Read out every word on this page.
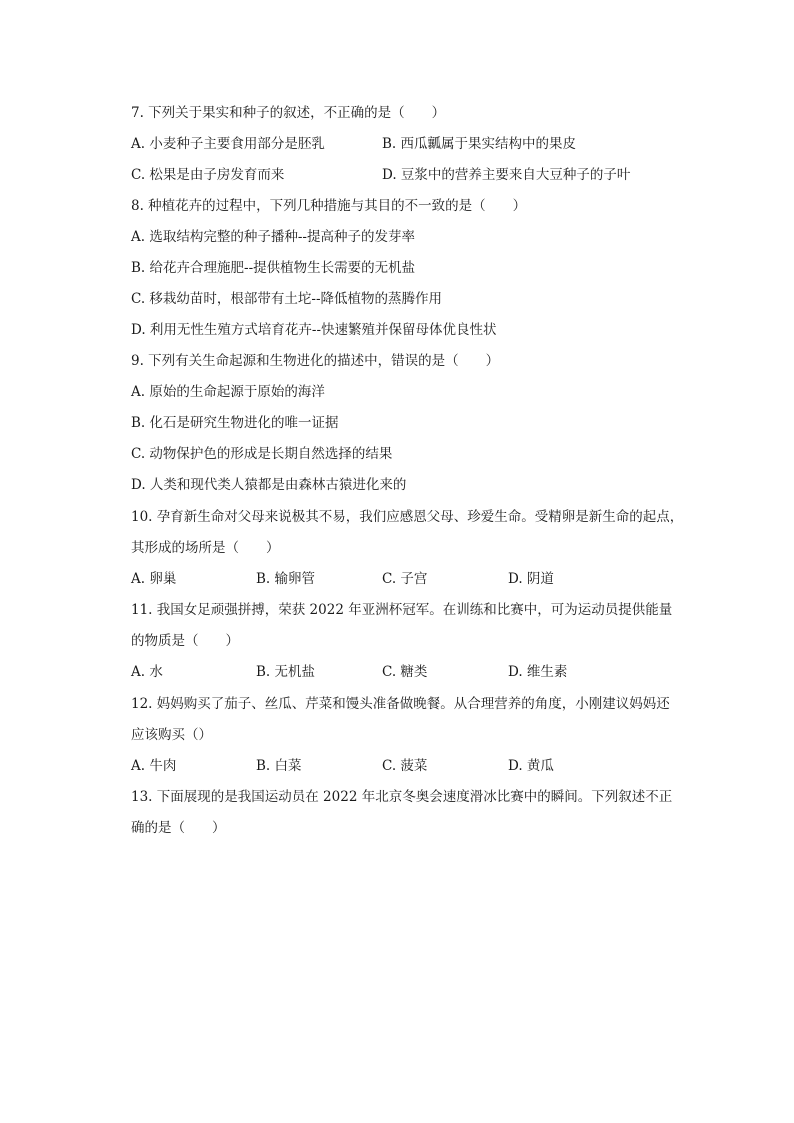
7. 下列关于果实和种子的叙述，不正确的是（　　）
A. 小麦种子主要食用部分是胚乳	B. 西瓜瓤属于果实结构中的果皮
C. 松果是由子房发育而来	D. 豆浆中的营养主要来自大豆种子的子叶
8. 种植花卉的过程中，下列几种措施与其目的不一致的是（　　）
A. 选取结构完整的种子播种--提高种子的发芽率
B. 给花卉合理施肥--提供植物生长需要的无机盐
C. 移栽幼苗时，根部带有土坨--降低植物的蒸腾作用
D. 利用无性生殖方式培育花卉--快速繁殖并保留母体优良性状
9. 下列有关生命起源和生物进化的描述中，错误的是（　　）
A. 原始的生命起源于原始的海洋
B. 化石是研究生物进化的唯一证据
C. 动物保护色的形成是长期自然选择的结果
D. 人类和现代类人猿都是由森林古猿进化来的
10. 孕育新生命对父母来说极其不易，我们应感恩父母、珍爱生命。受精卵是新生命的起点，
其形成的场所是（　　）
A. 卵巢	B. 输卵管	C. 子宫	D. 阴道
11. 我国女足顽强拼搏，荣获 2022 年亚洲杯冠军。在训练和比赛中，可为运动员提供能量
的物质是（　　）
A. 水	B. 无机盐	C. 糖类	D. 维生素
12. 妈妈购买了茄子、丝瓜、芹菜和馒头准备做晚餐。从合理营养的角度，小刚建议妈妈还
应该购买（）
A. 牛肉	B. 白菜	C. 菠菜	D. 黄瓜
13. 下面展现的是我国运动员在 2022 年北京冬奥会速度滑冰比赛中的瞬间。下列叙述不正
确的是（　　）
